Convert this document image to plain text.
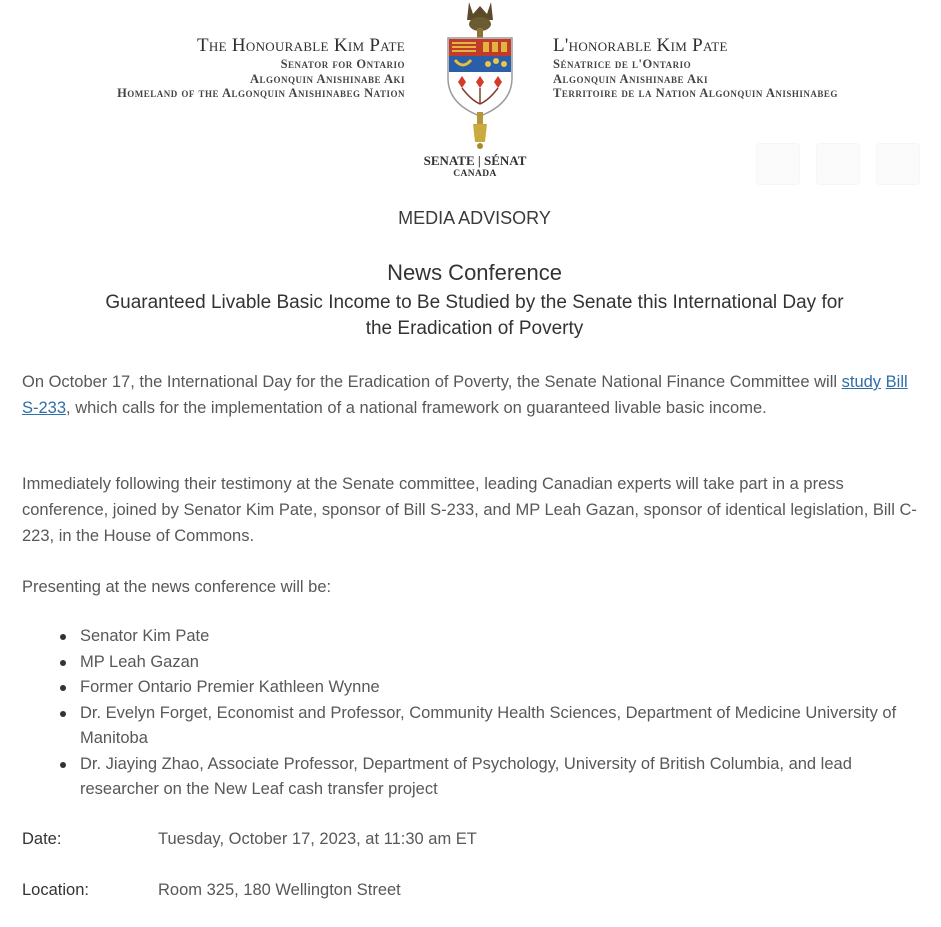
The Honourable Kim Pate
Senator for Ontario
Algonquin Anishinabe Aki
Homeland of the Algonquin Anishinabeg Nation
SENATE | SÉNAT
CANADA
L'honorable Kim Pate
Sénatrice de l'Ontario
Algonquin Anishinabe Aki
Territoire de la Nation Algonquin Anishinabeg
MEDIA ADVISORY
News Conference
Guaranteed Livable Basic Income to Be Studied by the Senate this International Day for the Eradication of Poverty
On October 17, the International Day for the Eradication of Poverty, the Senate National Finance Committee will study Bill S-233, which calls for the implementation of a national framework on guaranteed livable basic income.
Immediately following their testimony at the Senate committee, leading Canadian experts will take part in a press conference, joined by Senator Kim Pate, sponsor of Bill S-233, and MP Leah Gazan, sponsor of identical legislation, Bill C-223, in the House of Commons.
Presenting at the news conference will be:
Senator Kim Pate
MP Leah Gazan
Former Ontario Premier Kathleen Wynne
Dr. Evelyn Forget, Economist and Professor, Community Health Sciences, Department of Medicine University of Manitoba
Dr. Jiaying Zhao, Associate Professor, Department of Psychology, University of British Columbia, and lead researcher on the New Leaf cash transfer project
Date:	Tuesday, October 17, 2023, at 11:30 am ET
Location:	Room 325, 180 Wellington Street
